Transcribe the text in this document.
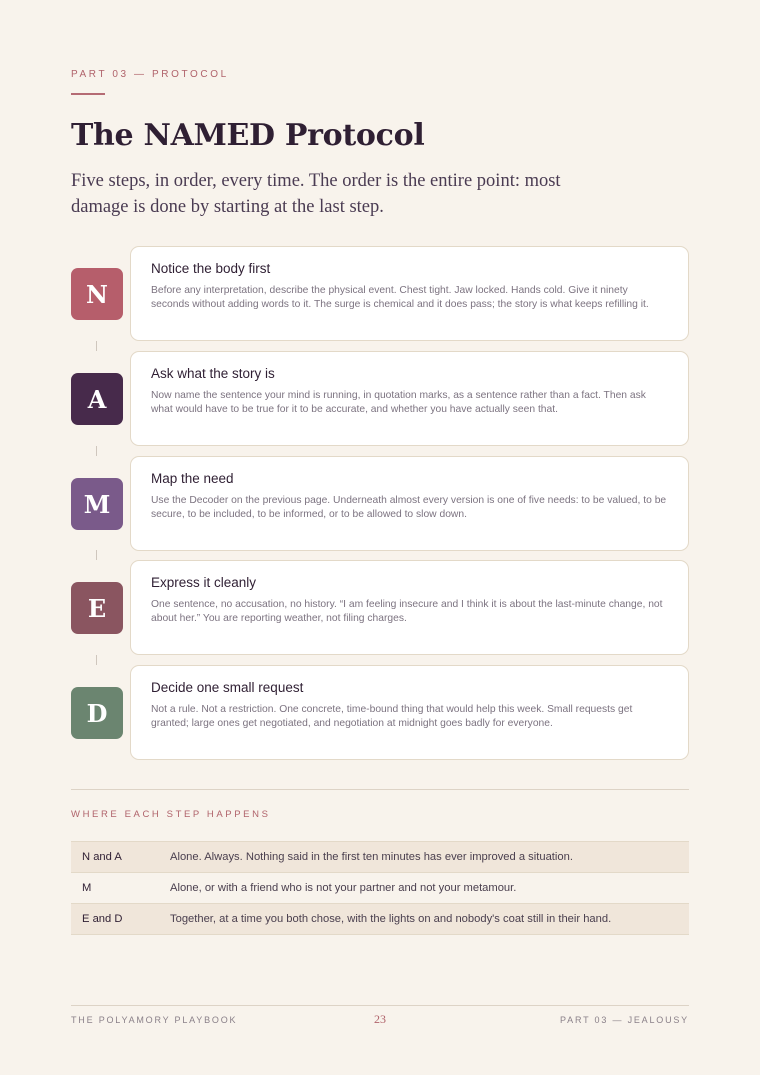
PART 03 — PROTOCOL
The NAMED Protocol

Five steps, in order, every time. The order is the entire point: most damage is done by starting at the last step.

N
Notice the body first
Before any interpretation, describe the physical event. Chest tight. Jaw locked. Hands cold. Give it ninety seconds without adding words to it. The surge is chemical and it does pass; the story is what keeps refilling it.
A
Ask what the story is
Now name the sentence your mind is running, in quotation marks, as a sentence rather than a fact. Then ask what would have to be true for it to be accurate, and whether you have actually seen that.
M
Map the need
Use the Decoder on the previous page. Underneath almost every version is one of five needs: to be valued, to be secure, to be included, to be informed, or to be allowed to slow down.
E
Express it cleanly
One sentence, no accusation, no history. “I am feeling insecure and I think it is about the last-minute change, not about her.” You are reporting weather, not filing charges.
D
Decide one small request
Not a rule. Not a restriction. One concrete, time-bound thing that would help this week. Small requests get granted; large ones get negotiated, and negotiation at midnight goes badly for everyone.
WHERE EACH STEP HAPPENS
N and A	Alone. Always. Nothing said in the first ten minutes has ever improved a situation.
M	Alone, or with a friend who is not your partner and not your metamour.
E and D	Together, at a time you both chose, with the lights on and nobody's coat still in their hand.
THE POLYAMORY PLAYBOOK	23	PART 03 — JEALOUSY
